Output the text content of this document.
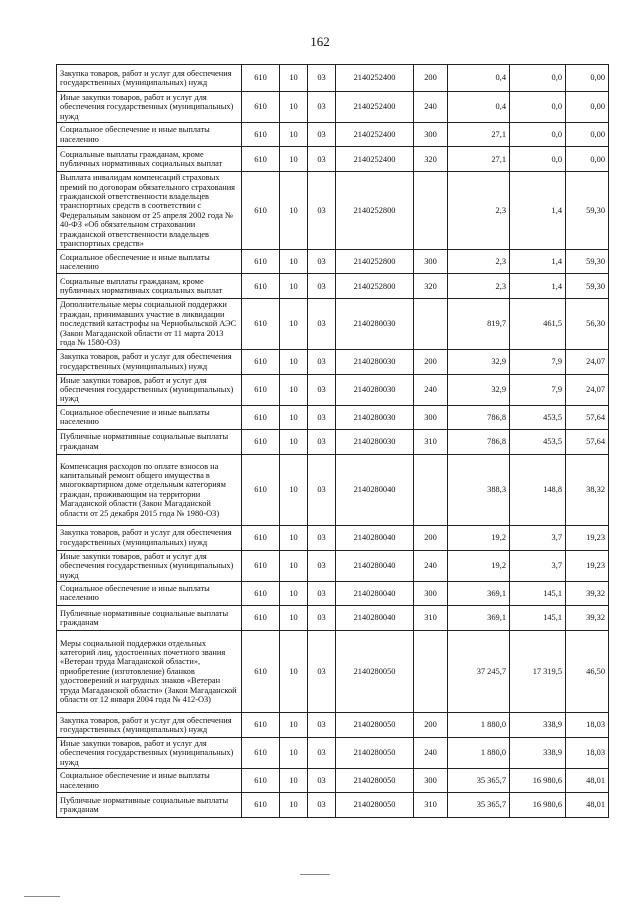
162
Закупка товаров, работ и услуг для обеспечения государственных (муниципальных) нужд	610	10	03	2140252400	200	0,4	0,0	0,00
Иные закупки товаров, работ и услуг для обеспечения государственных (муниципальных) нужд	610	10	03	2140252400	240	0,4	0,0	0,00
Социальное обеспечение и иные выплаты населению	610	10	03	2140252400	300	27,1	0,0	0,00
Социальные выплаты гражданам, кроме публичных нормативных социальных выплат	610	10	03	2140252400	320	27,1	0,0	0,00
Выплата инвалидам компенсаций страховых премий по договорам обязательного страхования гражданской ответственности владельцев транспортных средств в соответствии с Федеральным законом от 25 апреля 2002 года № 40-ФЗ «Об обязательном страховании гражданской ответственности владельцев транспортных средств»	610	10	03	2140252800		2,3	1,4	59,30
Социальное обеспечение и иные выплаты населению	610	10	03	2140252800	300	2,3	1,4	59,30
Социальные выплаты гражданам, кроме публичных нормативных социальных выплат	610	10	03	2140252800	320	2,3	1,4	59,30
Дополнительные меры социальной поддержки граждан, принимавших участие в ликвидации последствий катастрофы на Чернобыльской АЭС (Закон Магаданской области от 11 марта 2013 года № 1580-ОЗ)	610	10	03	2140280030		819,7	461,5	56,30
Закупка товаров, работ и услуг для обеспечения государственных (муниципальных) нужд	610	10	03	2140280030	200	32,9	7,9	24,07
Иные закупки товаров, работ и услуг для обеспечения государственных (муниципальных) нужд	610	10	03	2140280030	240	32,9	7,9	24,07
Социальное обеспечение и иные выплаты населению	610	10	03	2140280030	300	786,8	453,5	57,64
Публичные нормативные социальные выплаты гражданам	610	10	03	2140280030	310	786,8	453,5	57,64
Компенсация расходов по оплате взносов на капитальный ремонт общего имущества в многоквартирном доме отдельным категориям граждан, проживающим на территории Магаданской области (Закон Магаданской области от 25 декабря 2015 года № 1980-ОЗ)	610	10	03	2140280040		388,3	148,8	38,32
Закупка товаров, работ и услуг для обеспечения государственных (муниципальных) нужд	610	10	03	2140280040	200	19,2	3,7	19,23
Иные закупки товаров, работ и услуг для обеспечения государственных (муниципальных) нужд	610	10	03	2140280040	240	19,2	3,7	19,23
Социальное обеспечение и иные выплаты населению	610	10	03	2140280040	300	369,1	145,1	39,32
Публичные нормативные социальные выплаты гражданам	610	10	03	2140280040	310	369,1	145,1	39,32
Меры социальной поддержки отдельных категорий лиц, удостоенных почетного звания «Ветеран труда Магаданской области», приобретение (изготовление) бланков удостоверений и нагрудных знаков «Ветеран труда Магаданской области» (Закон Магаданской области от 12 января 2004 года № 412-ОЗ)	610	10	03	2140280050		37 245,7	17 319,5	46,50
Закупка товаров, работ и услуг для обеспечения государственных (муниципальных) нужд	610	10	03	2140280050	200	1 880,0	338,9	18,03
Иные закупки товаров, работ и услуг для обеспечения государственных (муниципальных) нужд	610	10	03	2140280050	240	1 880,0	338,9	18,03
Социальное обеспечение и иные выплаты населению	610	10	03	2140280050	300	35 365,7	16 980,6	48,01
Публичные нормативные социальные выплаты гражданам	610	10	03	2140280050	310	35 365,7	16 980,6	48,01
